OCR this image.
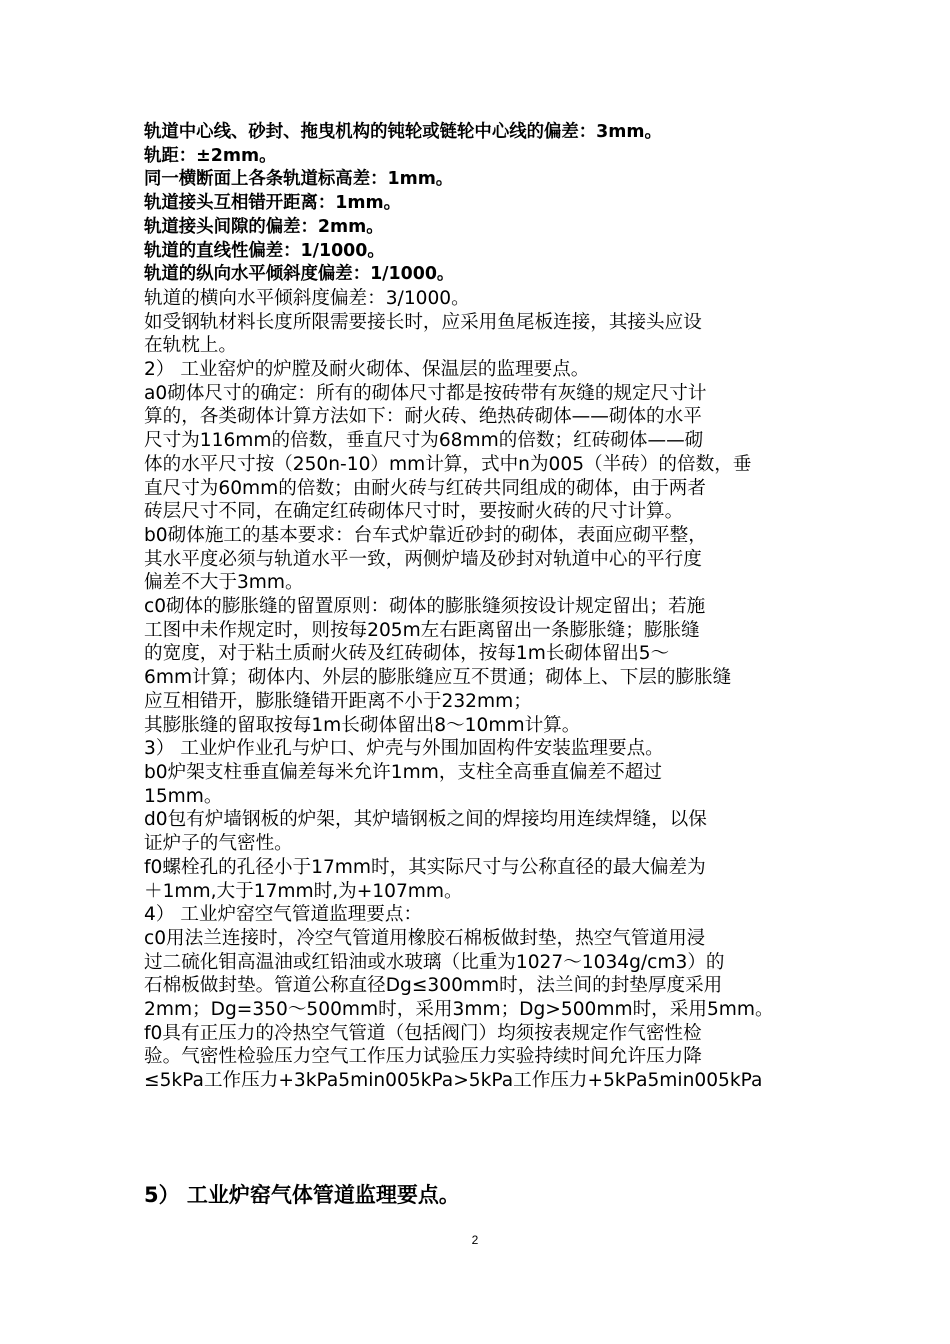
轨道中心线、砂封、拖曳机构的钝轮或链轮中心线的偏差：3mm。
轨距：±2mm。
同一横断面上各条轨道标高差：1mm。
轨道接头互相错开距离：1mm。
轨道接头间隙的偏差：2mm。
轨道的直线性偏差：1/1000。
轨道的纵向水平倾斜度偏差：1/1000。
轨道的横向水平倾斜度偏差：3/1000。
如受钢轨材料长度所限需要接长时，应采用鱼尾板连接，其接头应设
在轨枕上。
2） 工业窑炉的炉膛及耐火砌体、保温层的监理要点。
a0砌体尺寸的确定：所有的砌体尺寸都是按砖带有灰缝的规定尺寸计
算的，各类砌体计算方法如下：耐火砖、绝热砖砌体——砌体的水平
尺寸为116mm的倍数，垂直尺寸为68mm的倍数；红砖砌体——砌
体的水平尺寸按（250n-10）mm计算，式中n为005（半砖）的倍数，垂
直尺寸为60mm的倍数；由耐火砖与红砖共同组成的砌体，由于两者
砖层尺寸不同，在确定红砖砌体尺寸时，要按耐火砖的尺寸计算。
b0砌体施工的基本要求：台车式炉靠近砂封的砌体，表面应砌平整，
其水平度必须与轨道水平一致，两侧炉墙及砂封对轨道中心的平行度
偏差不大于3mm。
c0砌体的膨胀缝的留置原则：砌体的膨胀缝须按设计规定留出；若施
工图中未作规定时，则按每205m左右距离留出一条膨胀缝；膨胀缝
的宽度，对于粘土质耐火砖及红砖砌体，按每1m长砌体留出5～
6mm计算；砌体内、外层的膨胀缝应互不贯通；砌体上、下层的膨胀缝
应互相错开，膨胀缝错开距离不小于232mm；
其膨胀缝的留取按每1m长砌体留出8～10mm计算。
3） 工业炉作业孔与炉口、炉壳与外围加固构件安装监理要点。
b0炉架支柱垂直偏差每米允许1mm，支柱全高垂直偏差不超过
15mm。
d0包有炉墙钢板的炉架，其炉墙钢板之间的焊接均用连续焊缝，以保
证炉子的气密性。
f0螺栓孔的孔径小于17mm时，其实际尺寸与公称直径的最大偏差为
＋1mm,大于17mm时,为+107mm。
4） 工业炉窑空气管道监理要点：
c0用法兰连接时，冷空气管道用橡胶石棉板做封垫，热空气管道用浸
过二硫化钼高温油或红铅油或水玻璃（比重为1027～1034g/cm3）的
石棉板做封垫。管道公称直径Dg≤300mm时，法兰间的封垫厚度采用
2mm；Dg=350～500mm时，采用3mm；Dg>500mm时，采用5mm。
f0具有正压力的冷热空气管道（包括阀门）均须按表规定作气密性检
验。气密性检验压力空气工作压力试验压力实验持续时间允许压力降
≤5kPa工作压力+3kPa5min005kPa>5kPa工作压力+5kPa5min005kPa
5） 工业炉窑气体管道监理要点。
2
